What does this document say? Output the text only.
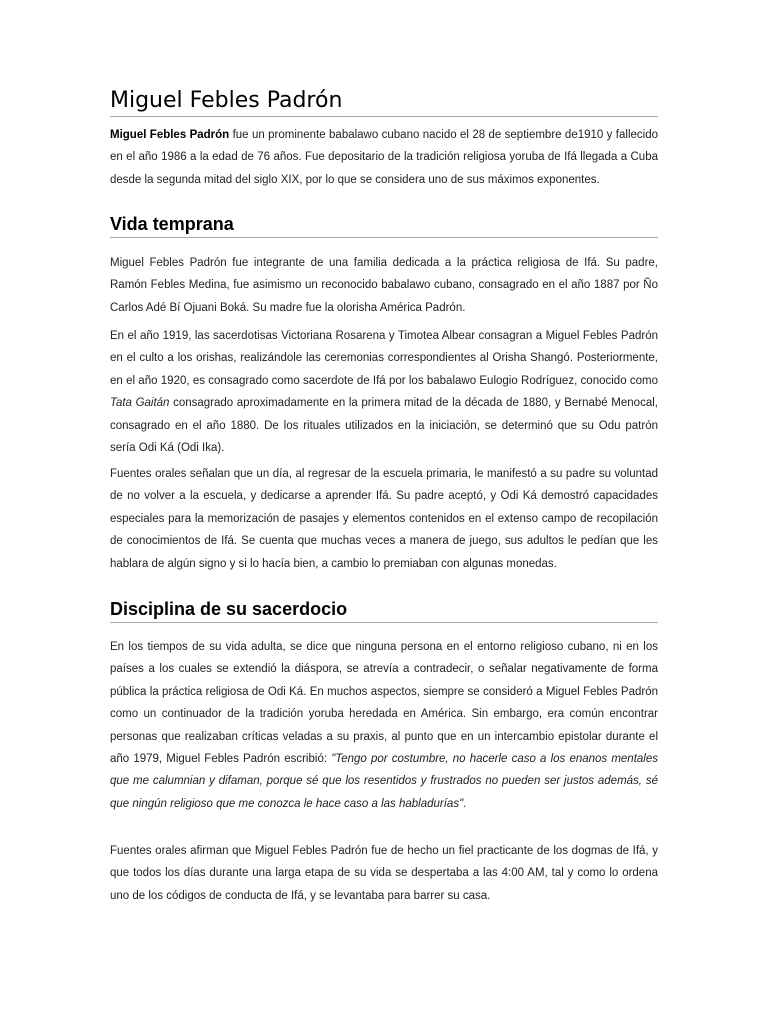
Miguel Febles Padrón

Miguel Febles Padrón fue un prominente babalawo cubano nacido el 28 de septiembre de1910 y fallecido en el año 1986 a la edad de 76 años. Fue depositario de la tradición religiosa yoruba de Ifá llegada a Cuba desde la segunda mitad del siglo XIX, por lo que se considera uno de sus máximos exponentes.

Vida temprana

Miguel Febles Padrón fue integrante de una familia dedicada a la práctica religiosa de Ifá. Su padre, Ramón Febles Medina, fue asimismo un reconocido babalawo cubano, consagrado en el año 1887 por Ño Carlos Adé Bí Ojuani Boká. Su madre fue la olorisha América Padrón.

En el año 1919, las sacerdotisas Victoriana Rosarena y Timotea Albear consagran a Miguel Febles Padrón en el culto a los orishas, realizándole las ceremonias correspondientes al Orisha Shangó. Posteriormente, en el año 1920, es consagrado como sacerdote de Ifá por los babalawo Eulogio Rodríguez, conocido como Tata Gaitán consagrado aproximadamente en la primera mitad de la década de 1880, y Bernabé Menocal, consagrado en el año 1880. De los rituales utilizados en la iniciación, se determinó que su Odu patrón sería Odi Ká (Odi Ika).

Fuentes orales señalan que un día, al regresar de la escuela primaria, le manifestó a su padre su voluntad de no volver a la escuela, y dedicarse a aprender Ifá. Su padre aceptó, y Odi Ká demostró capacidades especiales para la memorización de pasajes y elementos contenidos en el extenso campo de recopilación de conocimientos de Ifá. Se cuenta que muchas veces a manera de juego, sus adultos le pedían que les hablara de algún signo y si lo hacía bien, a cambio lo premiaban con algunas monedas.

Disciplina de su sacerdocio

En los tiempos de su vida adulta, se dice que ninguna persona en el entorno religioso cubano, ni en los países a los cuales se extendió la diáspora, se atrevía a contradecir, o señalar negativamente de forma pública la práctica religiosa de Odi Ká. En muchos aspectos, siempre se consideró a Miguel Febles Padrón como un continuador de la tradición yoruba heredada en América. Sin embargo, era común encontrar personas que realizaban críticas veladas a su praxis, al punto que en un intercambio epistolar durante el año 1979, Miguel Febles Padrón escribió: "Tengo por costumbre, no hacerle caso a los enanos mentales que me calumnian y difaman, porque sé que los resentidos y frustrados no pueden ser justos además, sé que ningún religioso que me conozca le hace caso a las habladurías".

Fuentes orales afirman que Miguel Febles Padrón fue de hecho un fiel practicante de los dogmas de Ifá, y que todos los días durante una larga etapa de su vida se despertaba a las 4:00 AM, tal y como lo ordena uno de los códigos de conducta de Ifá, y se levantaba para barrer su casa.
